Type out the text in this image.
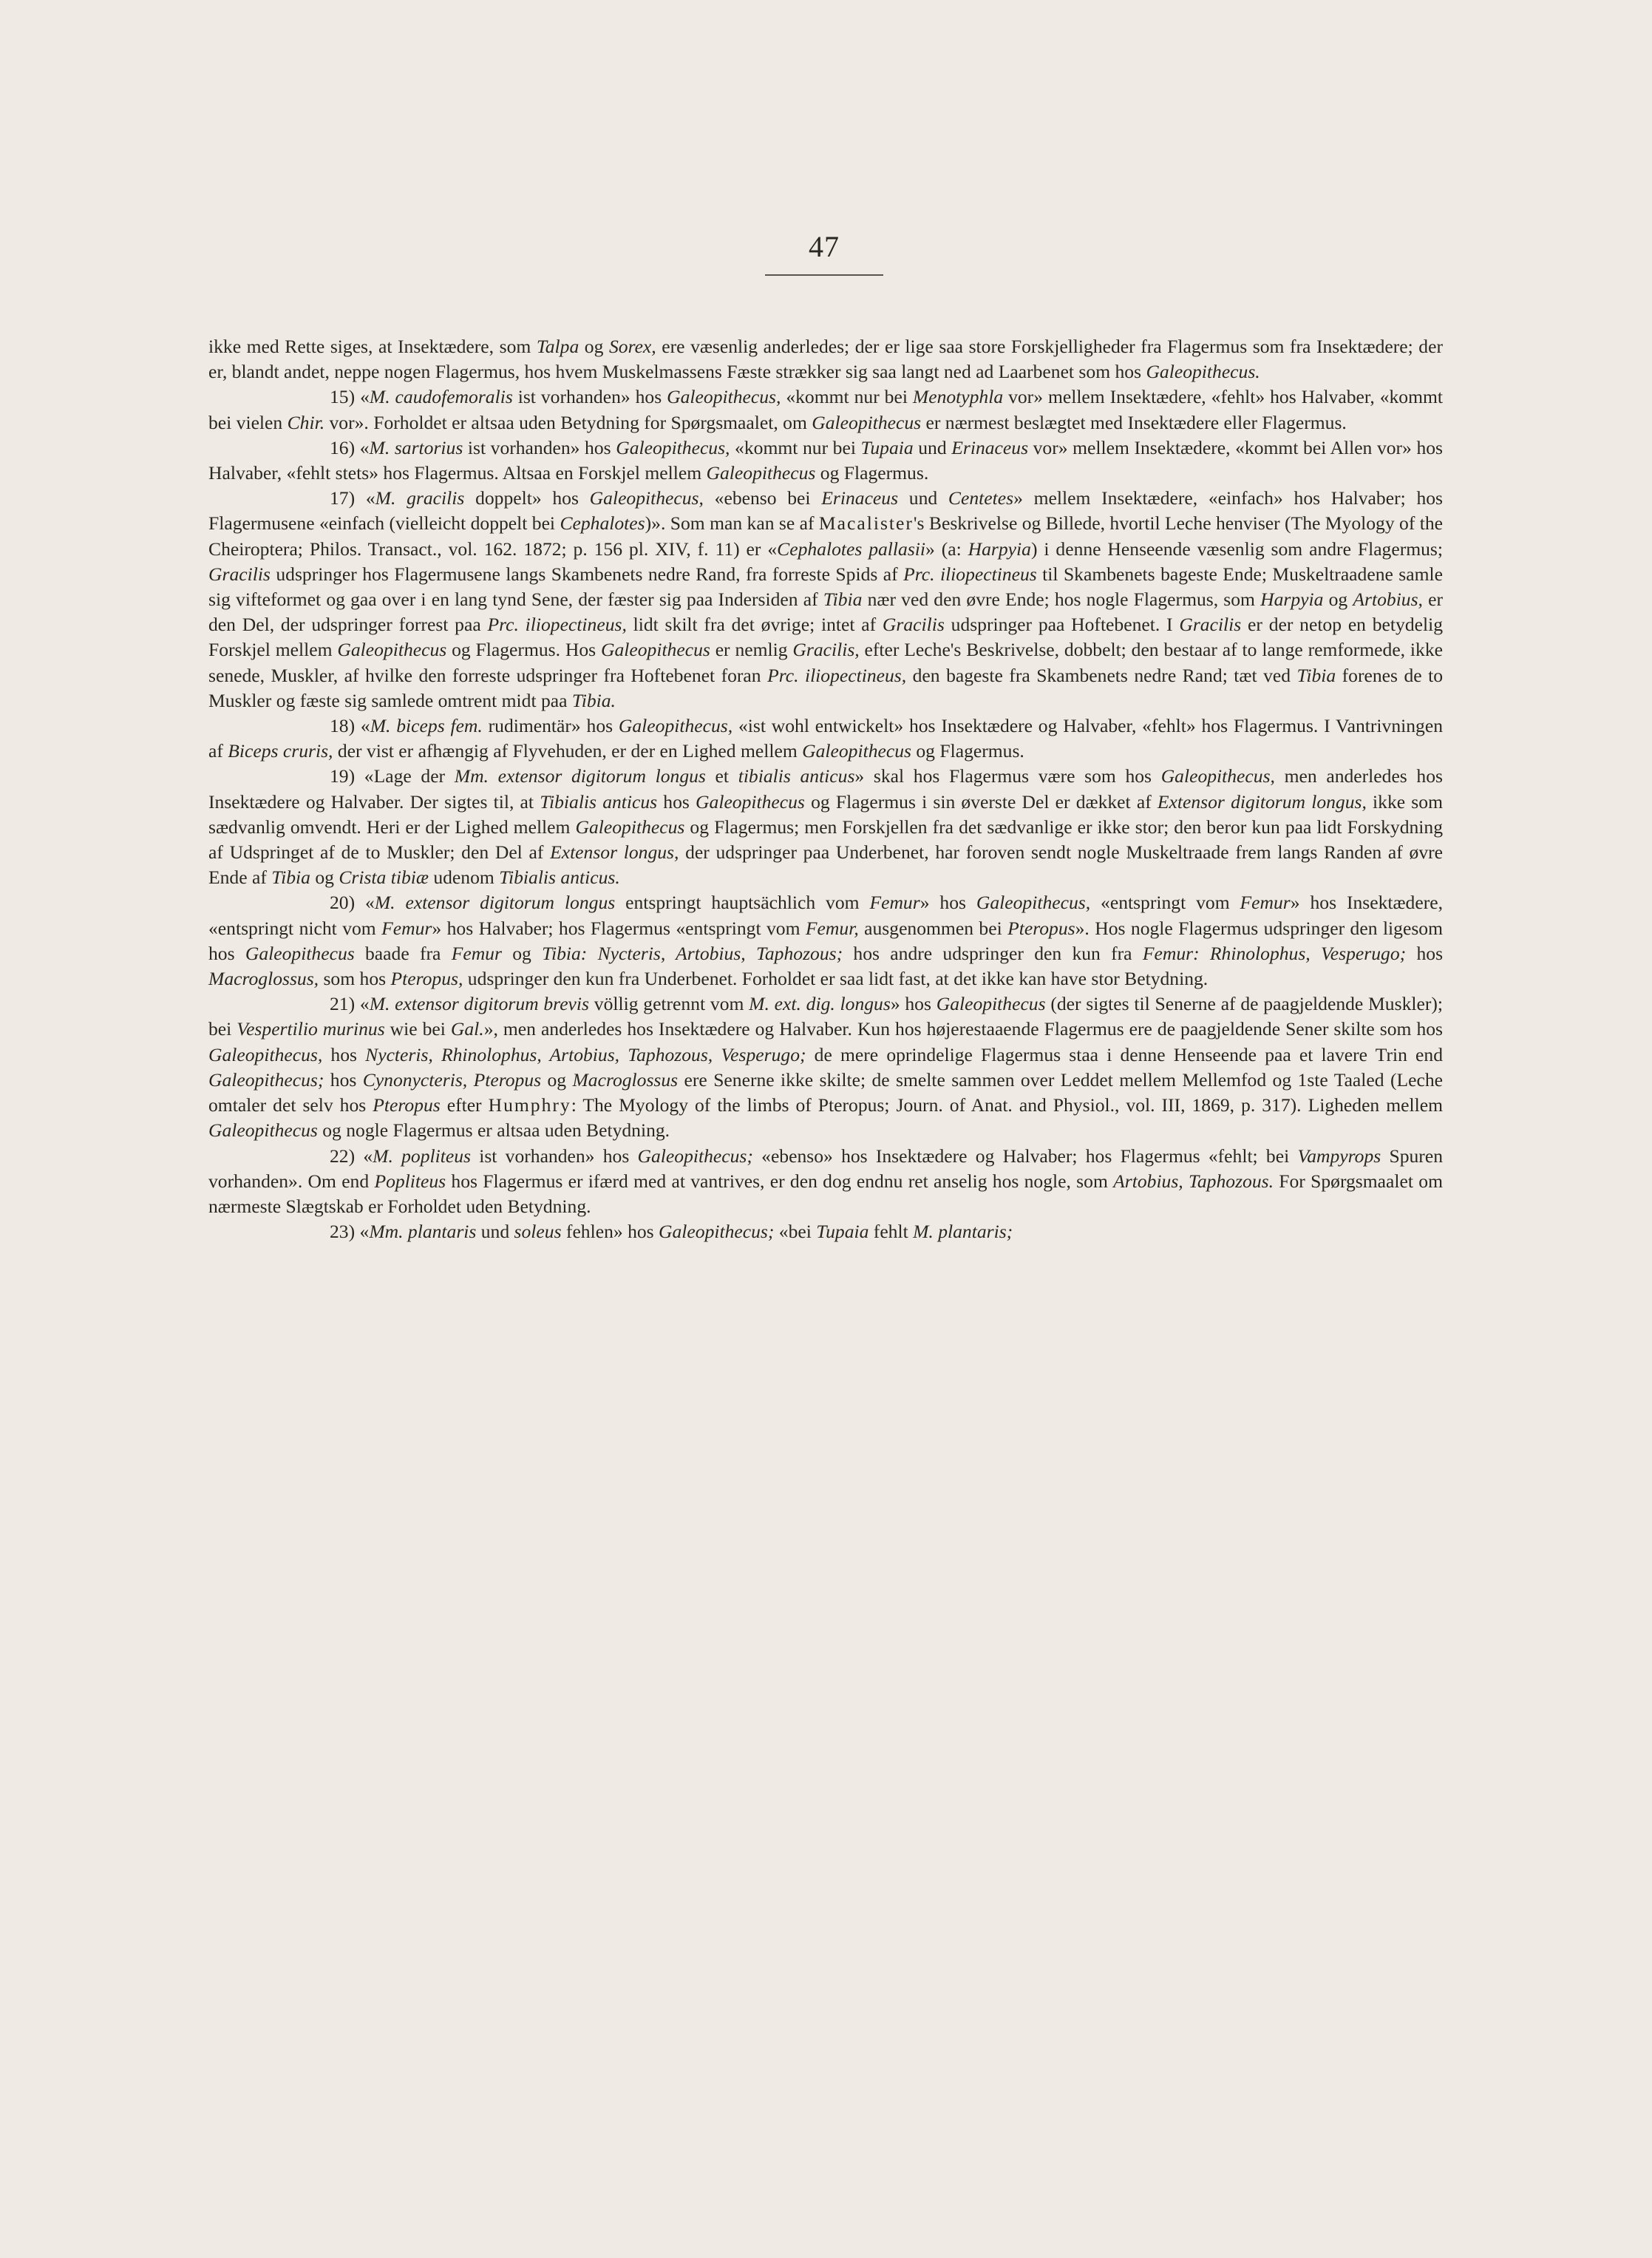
47

ikke med Rette siges, at Insektædere, som Talpa og Sorex, ere væsenlig anderledes; der er lige saa store Forskjelligheder fra Flagermus som fra Insektædere; der er, blandt andet, neppe nogen Flagermus, hos hvem Muskelmassens Fæste strækker sig saa langt ned ad Laarbenet som hos Galeopithecus.

15) «M. caudofemoralis ist vorhanden» hos Galeopithecus, «kommt nur bei Menotyphla vor» mellem Insektædere, «fehlt» hos Halvaber, «kommt bei vielen Chir. vor». Forholdet er altsaa uden Betydning for Spørgsmaalet, om Galeopithecus er nærmest beslægtet med Insektædere eller Flagermus.

16) «M. sartorius ist vorhanden» hos Galeopithecus, «kommt nur bei Tupaia und Erinaceus vor» mellem Insektædere, «kommt bei Allen vor» hos Halvaber, «fehlt stets» hos Flagermus. Altsaa en Forskjel mellem Galeopithecus og Flagermus.

17) «M. gracilis doppelt» hos Galeopithecus, «ebenso bei Erinaceus und Centetes» mellem Insektædere, «einfach» hos Halvaber; hos Flagermusene «einfach (vielleicht doppelt bei Cephalotes)». Som man kan se af Macalister's Beskrivelse og Billede, hvortil Leche henviser (The Myology of the Cheiroptera; Philos. Transact., vol. 162. 1872; p. 156 pl. XIV, f. 11) er «Cephalotes pallasii» (a: Harpyia) i denne Henseende væsenlig som andre Flagermus; Gracilis udspringer hos Flagermusene langs Skambenets nedre Rand, fra forreste Spids af Prc. iliopectineus til Skambenets bageste Ende; Muskeltraadene samle sig vifteformet og gaa over i en lang tynd Sene, der fæster sig paa Indersiden af Tibia nær ved den øvre Ende; hos nogle Flagermus, som Harpyia og Artobius, er den Del, der udspringer forrest paa Prc. iliopectineus, lidt skilt fra det øvrige; intet af Gracilis udspringer paa Hoftebenet. I Gracilis er der netop en betydelig Forskjel mellem Galeopithecus og Flagermus. Hos Galeopithecus er nemlig Gracilis, efter Leche's Beskrivelse, dobbelt; den bestaar af to lange remformede, ikke senede, Muskler, af hvilke den forreste udspringer fra Hoftebenet foran Prc. iliopectineus, den bageste fra Skambenets nedre Rand; tæt ved Tibia forenes de to Muskler og fæste sig samlede omtrent midt paa Tibia.

18) «M. biceps fem. rudimentär» hos Galeopithecus, «ist wohl entwickelt» hos Insektædere og Halvaber, «fehlt» hos Flagermus. I Vantrivningen af Biceps cruris, der vist er afhængig af Flyvehuden, er der en Lighed mellem Galeopithecus og Flagermus.

19) «Lage der Mm. extensor digitorum longus et tibialis anticus» skal hos Flagermus være som hos Galeopithecus, men anderledes hos Insektædere og Halvaber. Der sigtes til, at Tibialis anticus hos Galeopithecus og Flagermus i sin øverste Del er dækket af Extensor digitorum longus, ikke som sædvanlig omvendt. Heri er der Lighed mellem Galeopithecus og Flagermus; men Forskjellen fra det sædvanlige er ikke stor; den beror kun paa lidt Forskydning af Udspringet af de to Muskler; den Del af Extensor longus, der udspringer paa Underbenet, har foroven sendt nogle Muskeltraade frem langs Randen af øvre Ende af Tibia og Crista tibiæ udenom Tibialis anticus.

20) «M. extensor digitorum longus entspringt hauptsächlich vom Femur» hos Galeopithecus, «entspringt vom Femur» hos Insektædere, «entspringt nicht vom Femur» hos Halvaber; hos Flagermus «entspringt vom Femur, ausgenommen bei Pteropus». Hos nogle Flagermus udspringer den ligesom hos Galeopithecus baade fra Femur og Tibia: Nycteris, Artobius, Taphozous; hos andre udspringer den kun fra Femur: Rhinolophus, Vesperugo; hos Macroglossus, som hos Pteropus, udspringer den kun fra Underbenet. Forholdet er saa lidt fast, at det ikke kan have stor Betydning.

21) «M. extensor digitorum brevis völlig getrennt vom M. ext. dig. longus» hos Galeopithecus (der sigtes til Senerne af de paagjeldende Muskler); bei Vespertilio murinus wie bei Gal.», men anderledes hos Insektædere og Halvaber. Kun hos højerestaaende Flagermus ere de paagjeldende Sener skilte som hos Galeopithecus, hos Nycteris, Rhinolophus, Artobius, Taphozous, Vesperugo; de mere oprindelige Flagermus staa i denne Henseende paa et lavere Trin end Galeopithecus; hos Cynonycteris, Pteropus og Macroglossus ere Senerne ikke skilte; de smelte sammen over Leddet mellem Mellemfod og 1ste Taaled (Leche omtaler det selv hos Pteropus efter Humphry: The Myology of the limbs of Pteropus; Journ. of Anat. and Physiol., vol. III, 1869, p. 317). Ligheden mellem Galeopithecus og nogle Flagermus er altsaa uden Betydning.

22) «M. popliteus ist vorhanden» hos Galeopithecus; «ebenso» hos Insektædere og Halvaber; hos Flagermus «fehlt; bei Vampyrops Spuren vorhanden». Om end Popliteus hos Flagermus er ifærd med at vantrives, er den dog endnu ret anselig hos nogle, som Artobius, Taphozous. For Spørgsmaalet om nærmeste Slægtskab er Forholdet uden Betydning.

23) «Mm. plantaris und soleus fehlen» hos Galeopithecus; «bei Tupaia fehlt M. plantaris;
